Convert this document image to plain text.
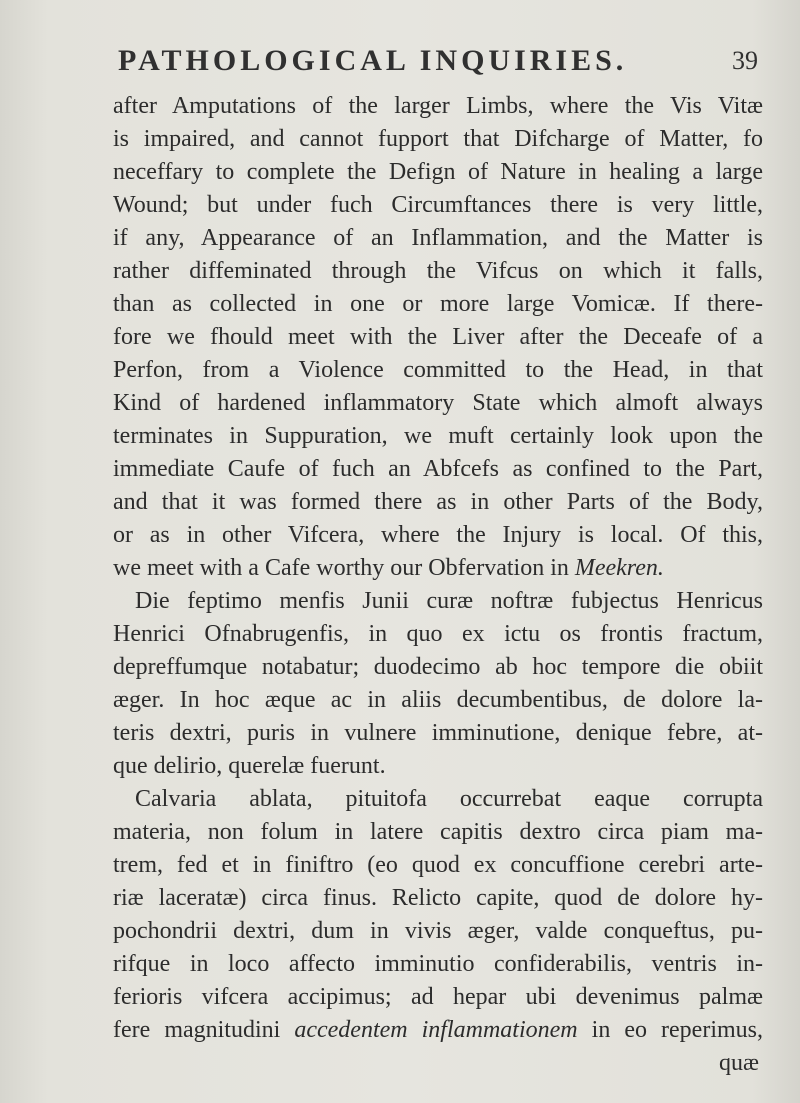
PATHOLOGICAL INQUIRIES.	39
after Amputations of the larger Limbs, where the Vis Vitæ
is impaired, and cannot fupport that Difcharge of Matter, fo
neceffary to complete the Defign of Nature in healing a large
Wound; but under fuch Circumftances there is very little,
if any, Appearance of an Inflammation, and the Matter is
rather diffeminated through the Vifcus on which it falls,
than as collected in one or more large Vomicæ. If there-
fore we fhould meet with the Liver after the Deceafe of a
Perfon, from a Violence committed to the Head, in that
Kind of hardened inflammatory State which almoft always
terminates in Suppuration, we muft certainly look upon the
immediate Caufe of fuch an Abfcefs as confined to the Part,
and that it was formed there as in other Parts of the Body,
or as in other Vifcera, where the Injury is local. Of this,
we meet with a Cafe worthy our Obfervation in Meekren.
Die feptimo menfis Junii curæ noftræ fubjectus Henricus
Henrici Ofnabrugenfis, in quo ex ictu os frontis fractum,
depreffumque notabatur; duodecimo ab hoc tempore die obiit
æger. In hoc æque ac in aliis decumbentibus, de dolore la-
teris dextri, puris in vulnere imminutione, denique febre, at-
que delirio, querelæ fuerunt.
Calvaria ablata, pituitofa occurrebat eaque corrupta
materia, non folum in latere capitis dextro circa piam ma-
trem, fed et in finiftro (eo quod ex concuffione cerebri arte-
riæ laceratæ) circa finus. Relicto capite, quod de dolore hy-
pochondrii dextri, dum in vivis æger, valde conqueftus, pu-
rifque in loco affecto imminutio confiderabilis, ventris in-
ferioris vifcera accipimus; ad hepar ubi devenimus palmæ
fere magnitudini accedentem inflammationem in eo reperimus,
quæ
